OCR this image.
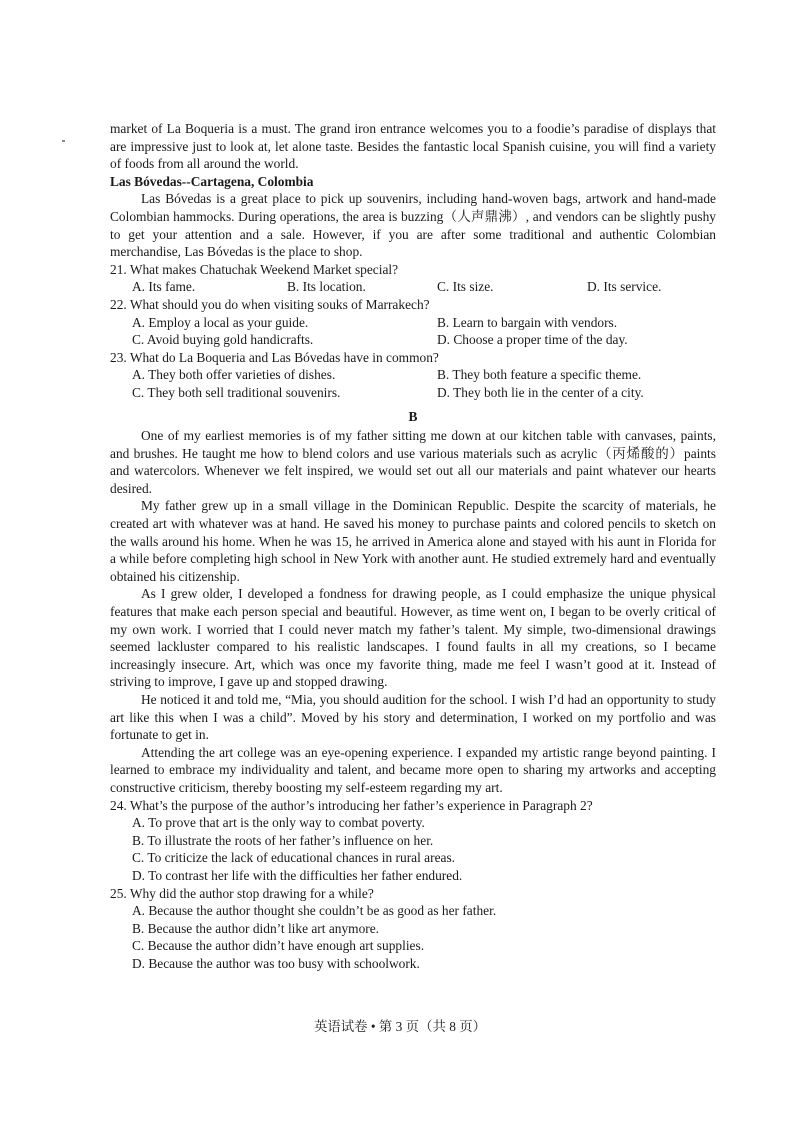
market of La Boqueria is a must. The grand iron entrance welcomes you to a foodie’s paradise of displays that are impressive just to look at, let alone taste. Besides the fantastic local Spanish cuisine, you will find a variety of foods from all around the world.

Las Bóvedas--Cartagena, Colombia

Las Bóvedas is a great place to pick up souvenirs, including hand-woven bags, artwork and hand-made Colombian hammocks. During operations, the area is buzzing（人声鼎沸）, and vendors can be slightly pushy to get your attention and a sale. However, if you are after some traditional and authentic Colombian merchandise, Las Bóvedas is the place to shop.

21. What makes Chatuchak Weekend Market special?

A. Its fame.	B. Its location.	C. Its size.	D. Its service.

22. What should you do when visiting souks of Marrakech?

A. Employ a local as your guide.	B. Learn to bargain with vendors.
C. Avoid buying gold handicrafts.	D. Choose a proper time of the day.

23. What do La Boqueria and Las Bóvedas have in common?

A. They both offer varieties of dishes.	B. They both feature a specific theme.
C. They both sell traditional souvenirs.	D. They both lie in the center of a city.

B

One of my earliest memories is of my father sitting me down at our kitchen table with canvases, paints, and brushes. He taught me how to blend colors and use various materials such as acrylic（丙烯酸的）paints and watercolors. Whenever we felt inspired, we would set out all our materials and paint whatever our hearts desired.

My father grew up in a small village in the Dominican Republic. Despite the scarcity of materials, he created art with whatever was at hand. He saved his money to purchase paints and colored pencils to sketch on the walls around his home. When he was 15, he arrived in America alone and stayed with his aunt in Florida for a while before completing high school in New York with another aunt. He studied extremely hard and eventually obtained his citizenship.

As I grew older, I developed a fondness for drawing people, as I could emphasize the unique physical features that make each person special and beautiful. However, as time went on, I began to be overly critical of my own work. I worried that I could never match my father’s talent. My simple, two-dimensional drawings seemed lackluster compared to his realistic landscapes. I found faults in all my creations, so I became increasingly insecure. Art, which was once my favorite thing, made me feel I wasn’t good at it. Instead of striving to improve, I gave up and stopped drawing.

He noticed it and told me, “Mia, you should audition for the school. I wish I’d had an opportunity to study art like this when I was a child”. Moved by his story and determination, I worked on my portfolio and was fortunate to get in.

Attending the art college was an eye-opening experience. I expanded my artistic range beyond painting. I learned to embrace my individuality and talent, and became more open to sharing my artworks and accepting constructive criticism, thereby boosting my self-esteem regarding my art.

24. What’s the purpose of the author’s introducing her father’s experience in Paragraph 2?

A. To prove that art is the only way to combat poverty.
B. To illustrate the roots of her father’s influence on her.
C. To criticize the lack of educational chances in rural areas.
D. To contrast her life with the difficulties her father endured.

25. Why did the author stop drawing for a while?

A. Because the author thought she couldn’t be as good as her father.
B. Because the author didn’t like art anymore.
C. Because the author didn’t have enough art supplies.
D. Because the author was too busy with schoolwork.
英语试卷 • 第 3 页（共 8 页）
